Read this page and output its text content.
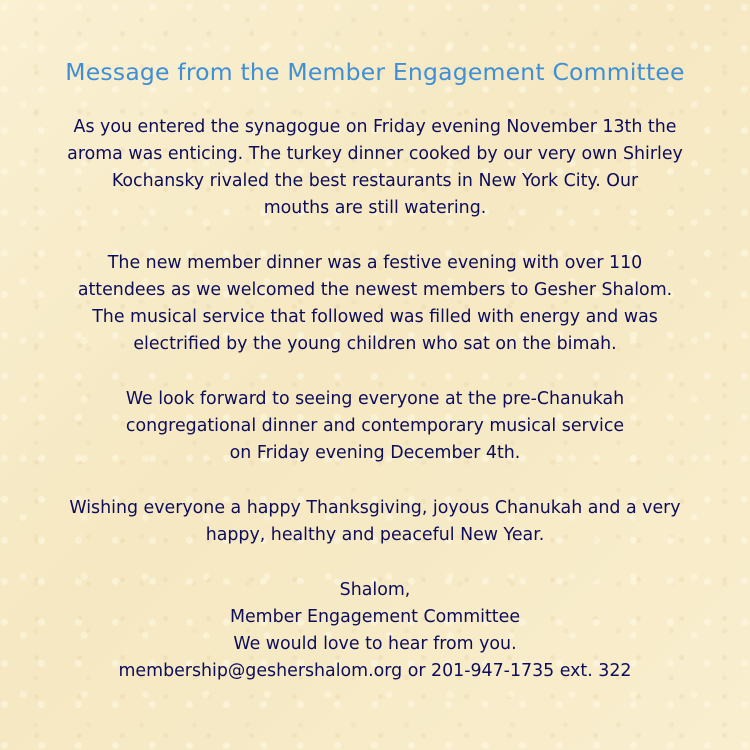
Message from the Member Engagement Committee
As you entered the synagogue on Friday evening November 13th the
aroma was enticing. The turkey dinner cooked by our very own Shirley
Kochansky rivaled the best restaurants in New York City. Our
mouths are still watering.
The new member dinner was a festive evening with over 110
attendees as we welcomed the newest members to Gesher Shalom.
The musical service that followed was filled with energy and was
electrified by the young children who sat on the bimah.
We look forward to seeing everyone at the pre-Chanukah
congregational dinner and contemporary musical service
on Friday evening December 4th.
Wishing everyone a happy Thanksgiving, joyous Chanukah and a very
happy, healthy and peaceful New Year.
Shalom,
Member Engagement Committee
We would love to hear from you.
membership@geshershalom.org or 201-947-1735 ext. 322
